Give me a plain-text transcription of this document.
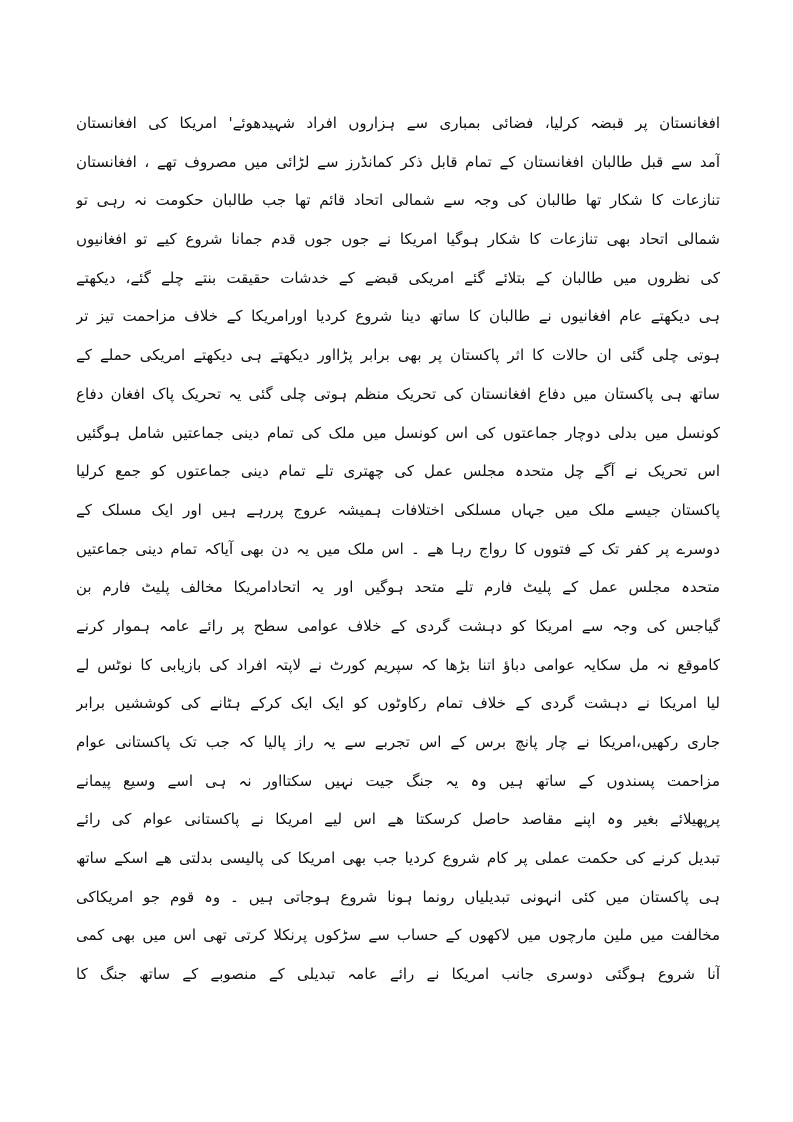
افغانستان پر قبضہ کرلیا، فضائی بمباری سے ہزاروں افراد شہیدھوئے' امریکا کی افغانستان
آمد سے قبل طالبان افغانستان کے تمام قابل ذکر کمانڈرز سے لڑائی میں مصروف تھے ، افغانستان
تنازعات کا شکار تھا طالبان کی وجہ سے شمالی اتحاد قائم تھا جب طالبان حکومت نہ رہی تو
شمالی اتحاد بھی تنازعات کا شکار ہوگیا امریکا نے جوں جوں قدم جمانا شروع کیے تو افغانیوں
کی نظروں میں طالبان کے بتلائے گئے امریکی قبضے کے خدشات حقیقت بنتے چلے گئے، دیکھتے
ہی دیکھتے عام افغانیوں نے طالبان کا ساتھ دینا شروع کردیا اورامریکا کے خلاف مزاحمت تیز تر
ہوتی چلی گئی ان حالات کا اثر پاکستان پر بھی برابر پڑااور دیکھتے ہی دیکھتے امریکی حملے کے
ساتھ ہی پاکستان میں دفاع افغانستان کی تحریک منظم ہوتی چلی گئی یہ تحریک پاک افغان دفاع
کونسل میں بدلی دوچار جماعتوں کی اس کونسل میں ملک کی تمام دینی جماعتیں شامل ہوگئیں
اس تحریک نے آگے چل متحدہ مجلس عمل کی چھتری تلے تمام دینی جماعتوں کو جمع کرلیا
پاکستان جیسے ملک میں جہاں مسلکی اختلافات ہمیشہ عروج پررہے ہیں اور ایک مسلک کے
دوسرے پر کفر تک کے فتووں کا رواج رہا ھے ۔ اس ملک میں یہ دن بھی آیاکہ تمام دینی جماعتیں
متحدہ مجلس عمل کے پلیٹ فارم تلے متحد ہوگیں اور یہ اتحادامریکا مخالف پلیٹ فارم بن
گیاجس کی وجہ سے امریکا کو دہشت گردی کے خلاف عوامی سطح پر رائے عامہ ہموار کرنے
کاموقع نہ مل سکایہ عوامی دباؤ اتنا بڑھا کہ سپریم کورٹ نے لاپتہ افراد کی بازیابی کا نوٹس لے
لیا امریکا نے دہشت گردی کے خلاف تمام رکاوٹوں کو ایک ایک کرکے ہٹانے کی کوششیں برابر
جاری رکھیں،امریکا نے چار پانچ برس کے اس تجربے سے یہ راز پالیا کہ جب تک پاکستانی عوام
مزاحمت پسندوں کے ساتھ ہیں وہ یہ جنگ جیت نہیں سکتااور نہ ہی اسے وسیع پیمانے
پرپھیلائے بغیر وہ اپنے مقاصد حاصل کرسکتا ھے اس لیے امریکا نے پاکستانی عوام کی رائے
تبدیل کرنے کی حکمت عملی پر کام شروع کردیا جب بھی امریکا کی پالیسی بدلتی ھے اسکے ساتھ
ہی پاکستان میں کئی انہونی تبدیلیاں رونما ہونا شروع ہوجاتی ہیں ۔ وہ قوم جو امریکاکی
مخالفت میں ملین مارچوں میں لاکھوں کے حساب سے سڑکوں پرنکلا کرتی تھی اس میں بھی کمی
آنا شروع ہوگئی دوسری جانب امریکا نے رائے عامہ تبدیلی کے منصوبے کے ساتھ جنگ کا
